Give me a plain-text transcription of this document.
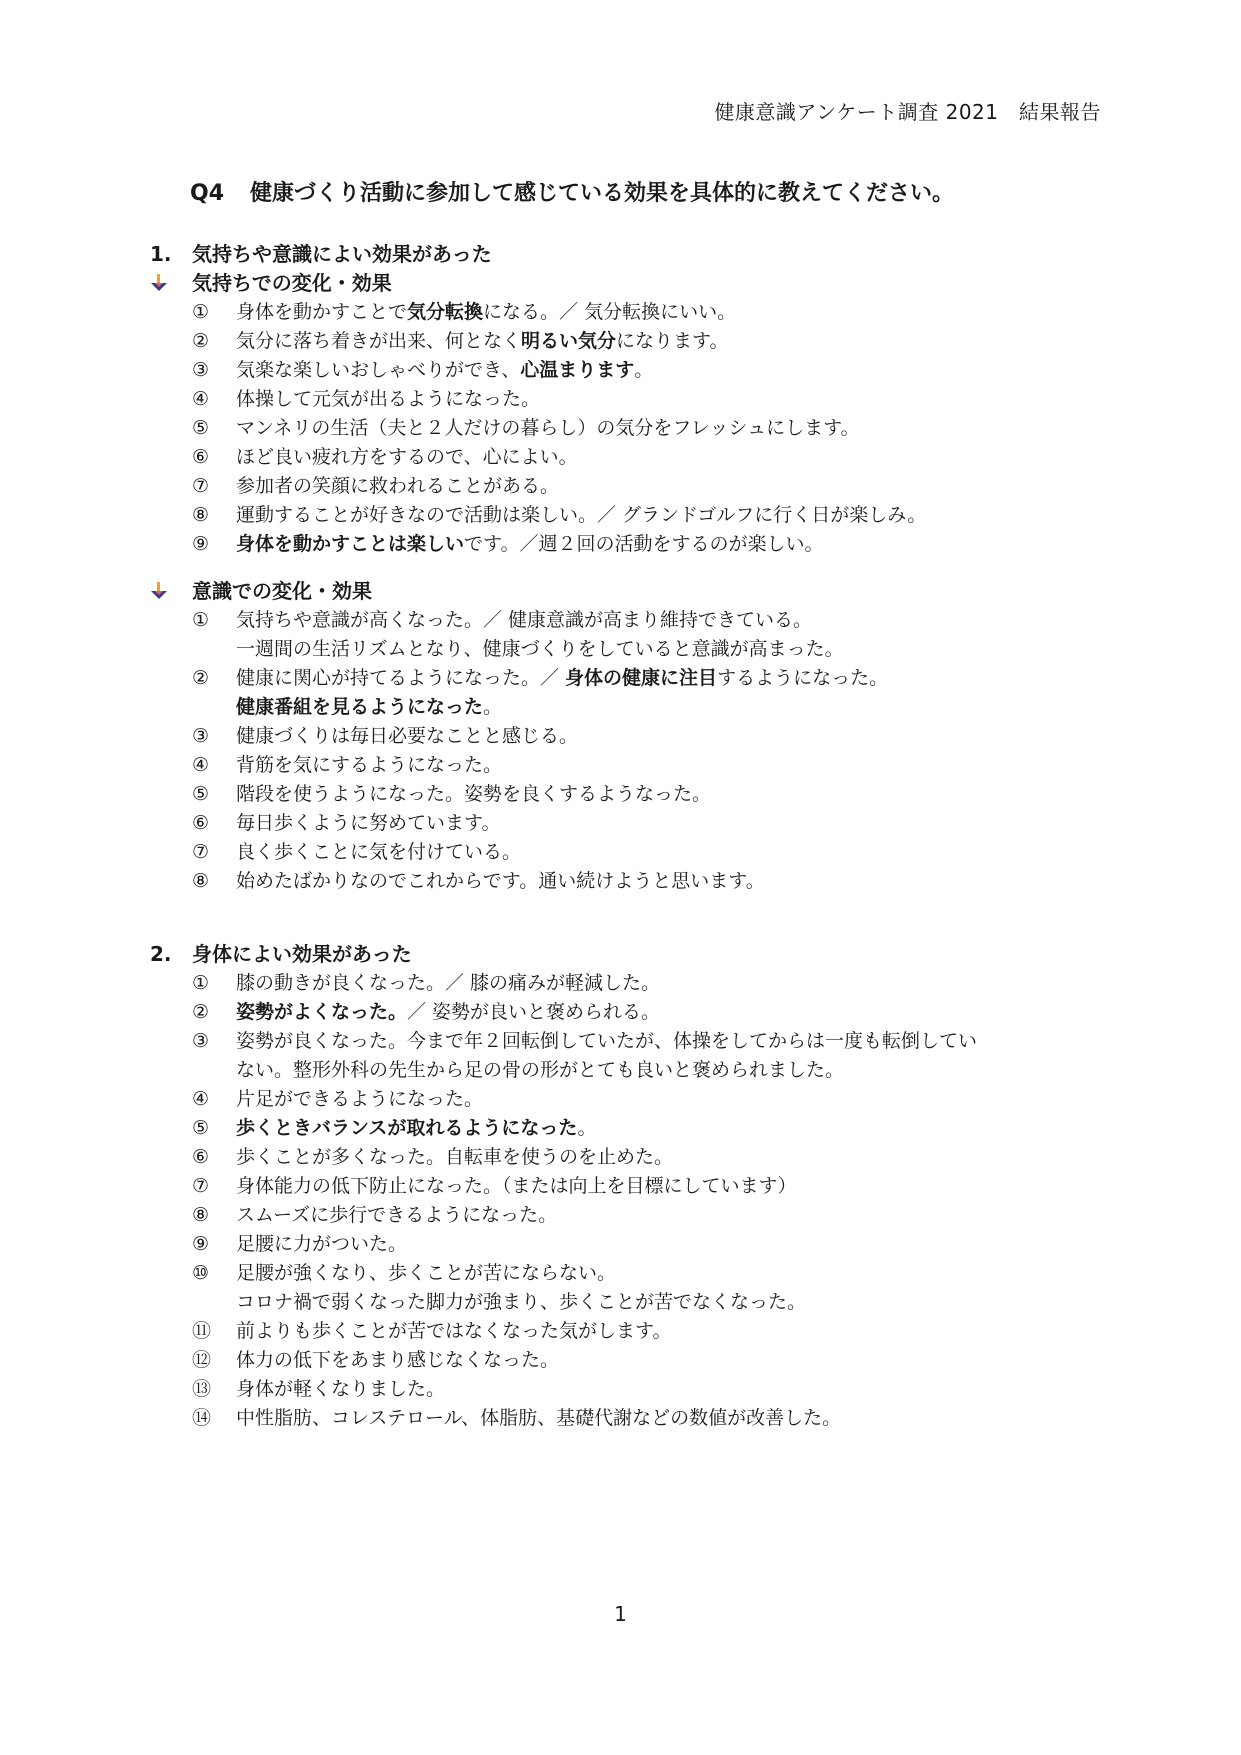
健康意識アンケート調査 2021　結果報告
Q4 健康づくり活動に参加して感じている効果を具体的に教えてください。
1. 気持ちや意識によい効果があった
気持ちでの変化・効果
① 身体を動かすことで気分転換になる。／ 気分転換にいい。
② 気分に落ち着きが出来、何となく明るい気分になります。
③ 気楽な楽しいおしゃべりができ、心温まります。
④ 体操して元気が出るようになった。
⑤ マンネリの生活（夫と２人だけの暮らし）の気分をフレッシュにします。
⑥ ほど良い疲れ方をするので、心によい。
⑦ 参加者の笑顔に救われることがある。
⑧ 運動することが好きなので活動は楽しい。／ グランドゴルフに行く日が楽しみ。
⑨ 身体を動かすことは楽しいです。／週２回の活動をするのが楽しい。
意識での変化・効果
① 気持ちや意識が高くなった。／ 健康意識が高まり維持できている。
一週間の生活リズムとなり、健康づくりをしていると意識が高まった。
② 健康に関心が持てるようになった。／ 身体の健康に注目するようになった。
健康番組を見るようになった。
③ 健康づくりは毎日必要なことと感じる。
④ 背筋を気にするようになった。
⑤ 階段を使うようになった。姿勢を良くするようなった。
⑥ 毎日歩くように努めています。
⑦ 良く歩くことに気を付けている。
⑧ 始めたばかりなのでこれからです。通い続けようと思います。
2. 身体によい効果があった
① 膝の動きが良くなった。／ 膝の痛みが軽減した。
② 姿勢がよくなった。／ 姿勢が良いと褒められる。
③ 姿勢が良くなった。今まで年２回転倒していたが、体操をしてからは一度も転倒してい
ない。整形外科の先生から足の骨の形がとても良いと褒められました。
④ 片足ができるようになった。
⑤ 歩くときバランスが取れるようになった。
⑥ 歩くことが多くなった。自転車を使うのを止めた。
⑦ 身体能力の低下防止になった。（または向上を目標にしています）
⑧ スムーズに歩行できるようになった。
⑨ 足腰に力がついた。
⑩ 足腰が強くなり、歩くことが苦にならない。
コロナ禍で弱くなった脚力が強まり、歩くことが苦でなくなった。
⑪ 前よりも歩くことが苦ではなくなった気がします。
⑫ 体力の低下をあまり感じなくなった。
⑬ 身体が軽くなりました。
⑭ 中性脂肪、コレステロール、体脂肪、基礎代謝などの数値が改善した。
1
